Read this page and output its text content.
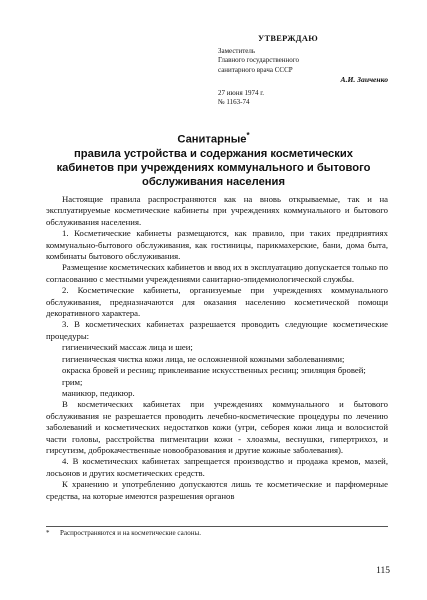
УТВЕРЖДАЮ
Заместитель
Главного государственного
санитарного врача СССР
А.И. Заиченко
27 июня 1974 г.
№ 1163-74
Санитарные*
правила устройства и содержания косметических
кабинетов при учреждениях коммунального и бытового
обслуживания населения

Настоящие правила распространяются как на вновь открываемые, так и на эксплуатируемые косметические кабинеты при учреждениях коммунального и бытового обслуживания населения.

1. Косметические кабинеты размещаются, как правило, при таких предприятиях коммунально-бытового обслуживания, как гостиницы, парикмахерские, бани, дома быта, комбинаты бытового обслуживания.

Размещение косметических кабинетов и ввод их в эксплуатацию допускается только по согласованию с местными учреждениями санитарно-эпидемиологической службы.

2. Косметические кабинеты, организуемые при учреждениях коммунального обслуживания, предназначаются для оказания населению косметической помощи декоративного характера.

3. В косметических кабинетах разрешается проводить следующие косметические процедуры:

гигиенический массаж лица и шеи;

гигиеническая чистка кожи лица, не осложненной кожными заболеваниями;

окраска бровей и ресниц; приклеивание искусственных ресниц; эпиляция бровей;

грим;

маникюр, педикюр.

В косметических кабинетах при учреждениях коммунального и бытового обслуживания не разрешается проводить лечебно-косметические процедуры по лечению заболеваний и косметических недостатков кожи (угри, себорея кожи лица и волосистой части головы, расстройства пигментации кожи - хлоазмы, веснушки, гипертрихоз, и гирсутизм, доброкачественные новообразования и другие кожные заболевания).

4. В косметических кабинетах запрещается производство и продажа кремов, мазей, лосьонов и других косметических средств.

К хранению и употреблению допускаются лишь те косметические и парфюмерные средства, на которые имеются разрешения органов

* Распространяются и на косметические салоны.
115
